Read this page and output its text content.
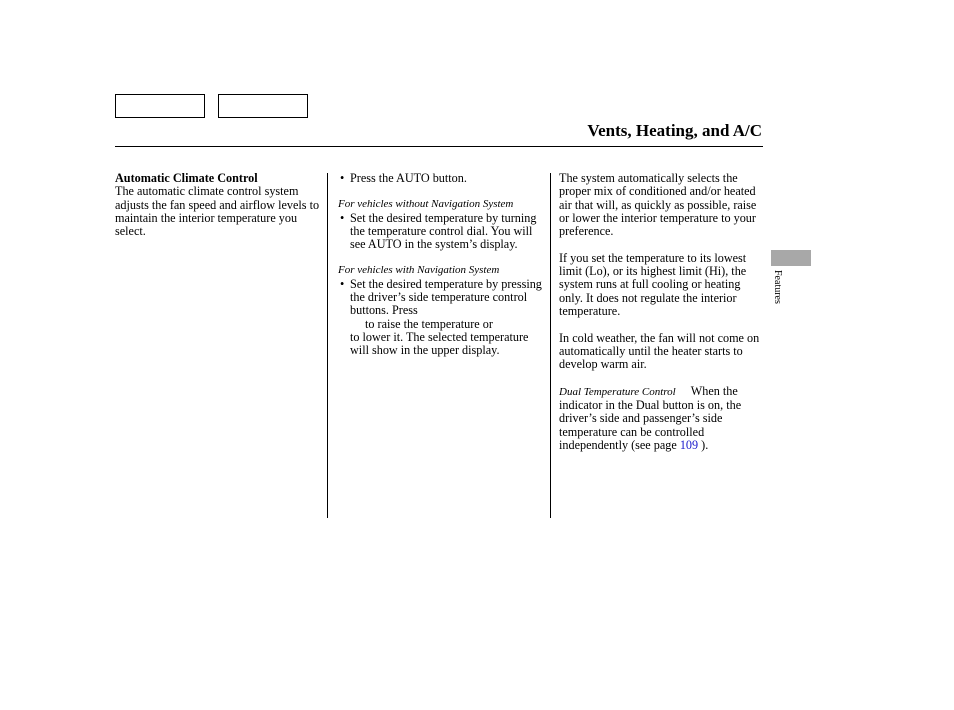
Vents, Heating, and A/C
Automatic Climate Control
The automatic climate control system adjusts the fan speed and airflow levels to maintain the interior temperature you select.
• Press the AUTO button.
For vehicles without Navigation System
• Set the desired temperature by turning the temperature control dial. You will see AUTO in the system’s display.
For vehicles with Navigation System
• Set the desired temperature by pressing the driver’s side temperature control buttons. Press
to raise the temperature or
to lower it. The selected temperature will show in the upper display.
The system automatically selects the proper mix of conditioned and/or heated air that will, as quickly as possible, raise or lower the interior temperature to your preference.
If you set the temperature to its lowest limit (Lo), or its highest limit (Hi), the system runs at full cooling or heating only. It does not regulate the interior temperature.
In cold weather, the fan will not come on automatically until the heater starts to develop warm air.
Dual Temperature Control When the indicator in the Dual button is on, the driver’s side and passenger’s side temperature can be controlled independently (see page 109 ).
Features
